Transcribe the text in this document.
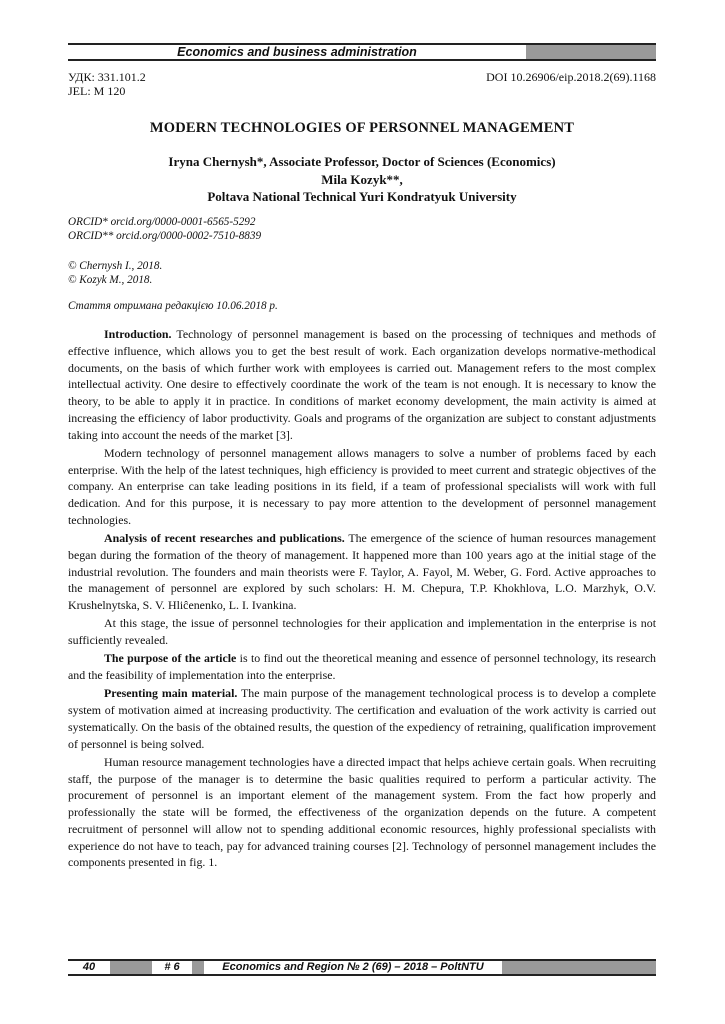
Economics and business administration
УДК: 331.101.2	DOI 10.26906/eip.2018.2(69).1168
JEL: M 120
MODERN TECHNOLOGIES OF PERSONNEL MANAGEMENT
Iryna Chernysh*, Associate Professor, Doctor of Sciences (Economics)
Mila Kozyk**,
Poltava National Technical Yuri Kondratyuk University
ORCID* orcid.org/0000-0001-6565-5292
ORCID** orcid.org/0000-0002-7510-8839
© Chernysh I., 2018.
© Kozyk M., 2018.
Стаття отримана редакцією 10.06.2018 р.

Introduction. Technology of personnel management is based on the processing of techniques and methods of effective influence, which allows you to get the best result of work. Each organization develops normative-methodical documents, on the basis of which further work with employees is carried out. Management refers to the most complex intellectual activity. One desire to effectively coordinate the work of the team is not enough. It is necessary to know the theory, to be able to apply it in practice. In conditions of market economy development, the main activity is aimed at increasing the efficiency of labor productivity. Goals and programs of the organization are subject to constant adjustments taking into account the needs of the market [3].

Modern technology of personnel management allows managers to solve a number of problems faced by each enterprise. With the help of the latest techniques, high efficiency is provided to meet current and strategic objectives of the company. An enterprise can take leading positions in its field, if a team of professional specialists will work with full dedication. And for this purpose, it is necessary to pay more attention to the development of personnel management technologies.

Analysis of recent researches and publications. The emergence of the science of human resources management began during the formation of the theory of management. It happened more than 100 years ago at the initial stage of the industrial revolution. The founders and main theorists were F. Taylor, A. Fayol, M. Weber, G. Ford. Active approaches to the management of personnel are explored by such scholars: H. M. Chepura, T.P. Khokhlova, L.O. Marzhyk, O.V. Krushelnytska, S. V. Hliĉenenko, L. I. Ivankina.

At this stage, the issue of personnel technologies for their application and implementation in the enterprise is not sufficiently revealed.

The purpose of the article is to find out the theoretical meaning and essence of personnel technology, its research and the feasibility of implementation into the enterprise.

Presenting main material. The main purpose of the management technological process is to develop a complete system of motivation aimed at increasing productivity. The certification and evaluation of the work activity is carried out systematically. On the basis of the obtained results, the question of the expediency of retraining, qualification improvement of personnel is being solved.

Human resource management technologies have a directed impact that helps achieve certain goals. When recruiting staff, the purpose of the manager is to determine the basic qualities required to perform a particular activity. The procurement of personnel is an important element of the management system. From the fact how properly and professionally the state will be formed, the effectiveness of the organization depends on the future. A competent recruitment of personnel will allow not to spending additional economic resources, highly professional specialists with experience do not have to teach, pay for advanced training courses [2]. Technology of personnel management includes the components presented in fig. 1.

40	# 6	Economics and Region № 2 (69) – 2018 – PoltNTU
